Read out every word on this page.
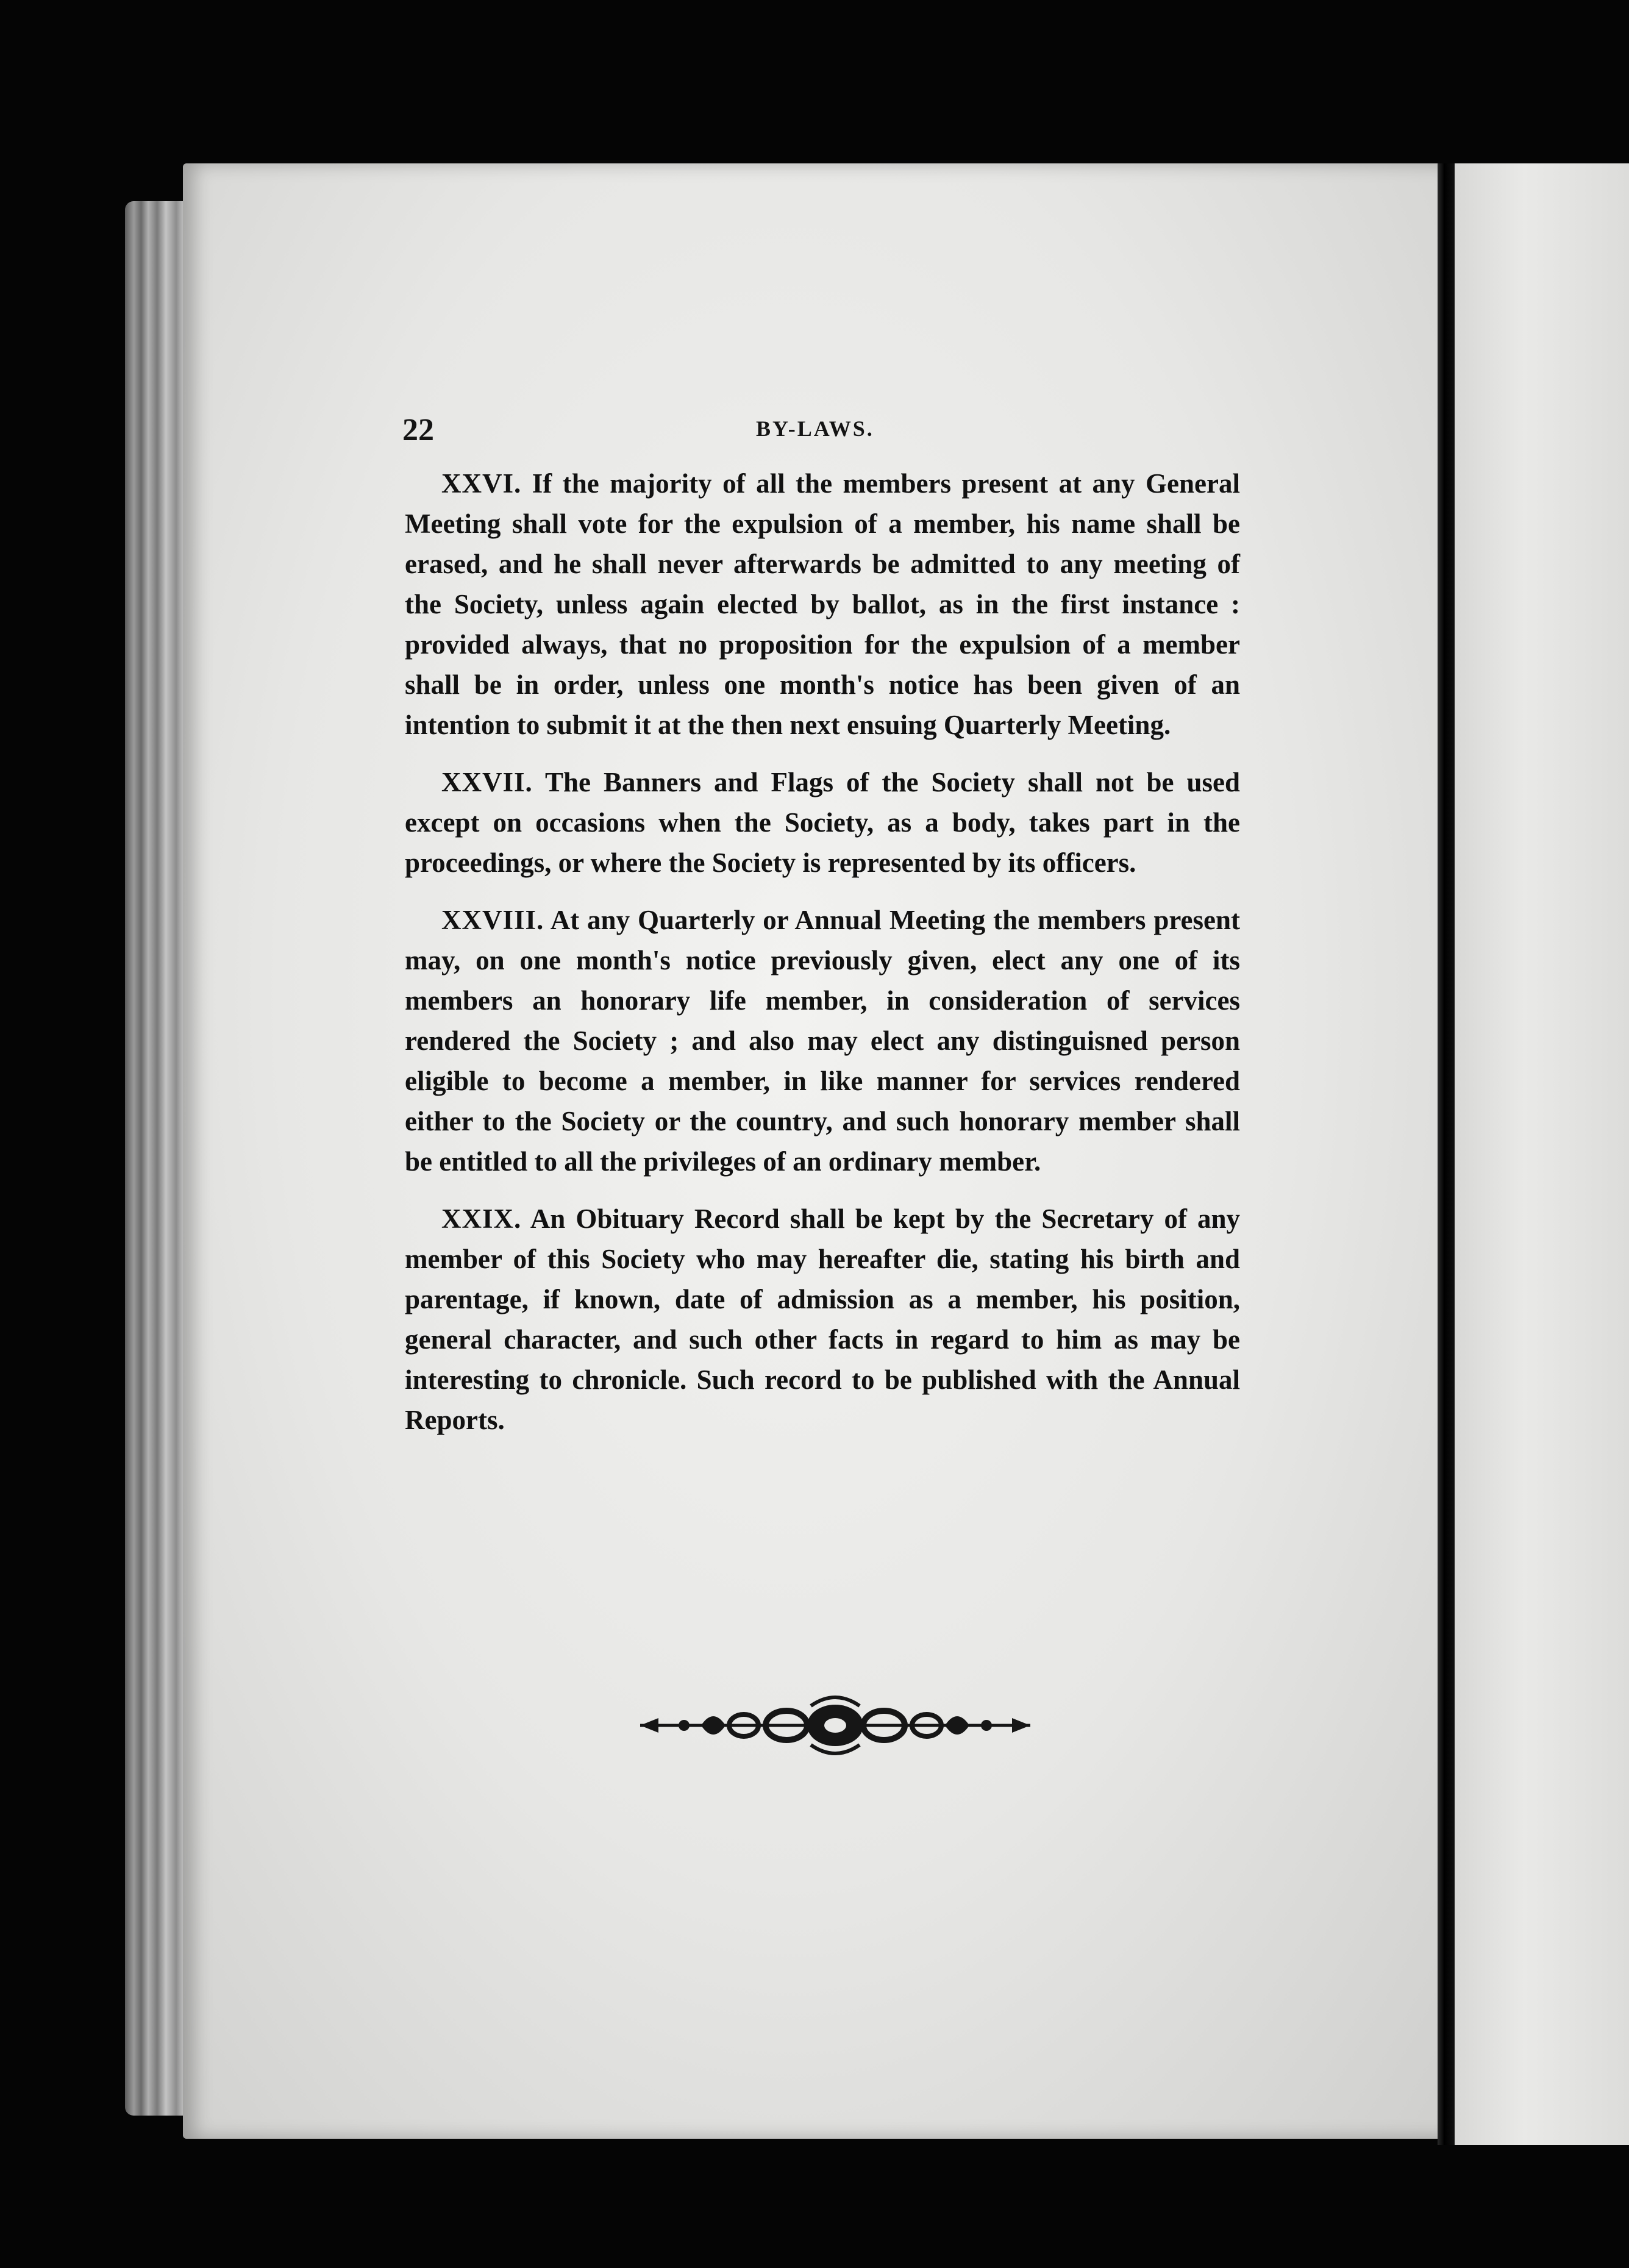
22	BY-LAWS.

XXVI. If the majority of all the members present at any General Meeting shall vote for the expulsion of a member, his name shall be erased, and he shall never afterwards be admitted to any meeting of the Society, unless again elected by ballot, as in the first instance : provided always, that no proposition for the expulsion of a member shall be in order, unless one month's notice has been given of an intention to submit it at the then next ensuing Quarterly Meeting.

XXVII. The Banners and Flags of the Society shall not be used except on occasions when the Society, as a body, takes part in the proceedings, or where the Society is represented by its officers.

XXVIII. At any Quarterly or Annual Meeting the members present may, on one month's notice previously given, elect any one of its members an honorary life member, in consideration of services rendered the Society ; and also may elect any distinguisned person eligible to become a member, in like manner for services rendered either to the Society or the country, and such honorary member shall be entitled to all the privileges of an ordinary member.

XXIX. An Obituary Record shall be kept by the Secretary of any member of this Society who may hereafter die, stating his birth and parentage, if known, date of admission as a member, his position, general character, and such other facts in regard to him as may be interesting to chronicle. Such record to be published with the Annual Reports.
